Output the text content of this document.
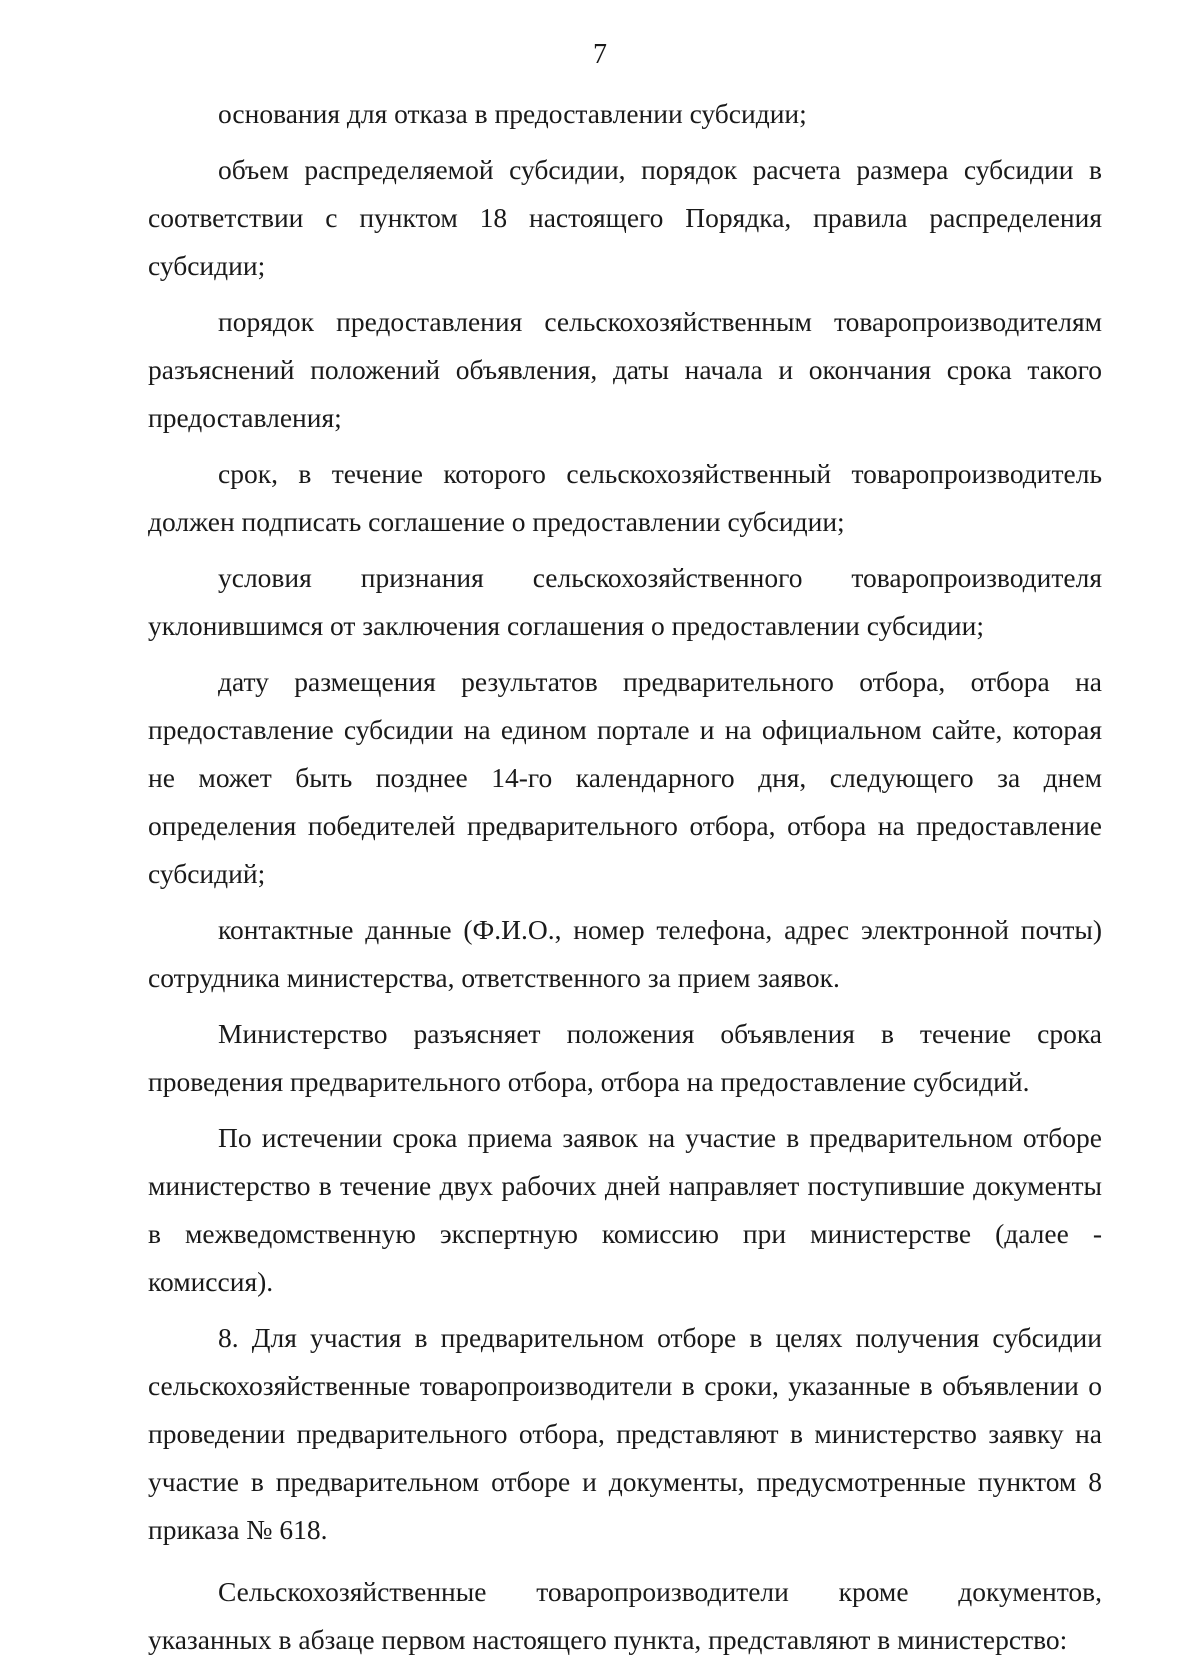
7

основания для отказа в предоставлении субсидии;

объем распределяемой субсидии, порядок расчета размера субсидии в соответствии с пунктом 18 настоящего Порядка, правила распределения субсидии;

порядок предоставления сельскохозяйственным товаропроизводителям разъяснений положений объявления, даты начала и окончания срока такого предоставления;

срок, в течение которого сельскохозяйственный товаропроизводитель должен подписать соглашение о предоставлении субсидии;

условия признания сельскохозяйственного товаропроизводителя уклонившимся от заключения соглашения о предоставлении субсидии;

дату размещения результатов предварительного отбора, отбора на предоставление субсидии на едином портале и на официальном сайте, которая не может быть позднее 14-го календарного дня, следующего за днем определения победителей предварительного отбора, отбора на предоставление субсидий;

контактные данные (Ф.И.О., номер телефона, адрес электронной почты) сотрудника министерства, ответственного за прием заявок.

Министерство разъясняет положения объявления в течение срока проведения предварительного отбора, отбора на предоставление субсидий.

По истечении срока приема заявок на участие в предварительном отборе министерство в течение двух рабочих дней направляет поступившие документы в межведомственную экспертную комиссию при министерстве (далее - комиссия).

8. Для участия в предварительном отборе в целях получения субсидии сельскохозяйственные товаропроизводители в сроки, указанные в объявлении о проведении предварительного отбора, представляют в министерство заявку на участие в предварительном отборе и документы, предусмотренные пунктом 8 приказа № 618.

Сельскохозяйственные товаропроизводители кроме документов, указанных в абзаце первом настоящего пункта, представляют в министерство:
